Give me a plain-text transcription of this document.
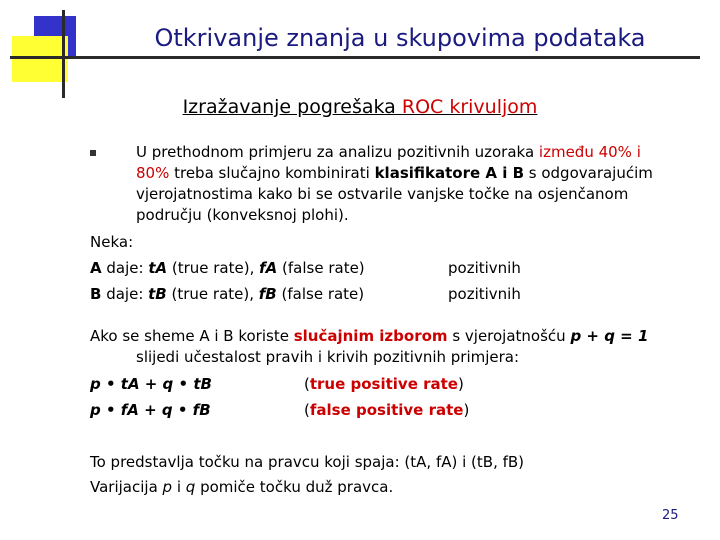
Otkrivanje znanja u skupovima podataka
Izražavanje pogrešaka ROC krivuljom
U prethodnom primjeru za analizu pozitivnih uzoraka između 40% i
80% treba slučajno kombinirati klasifikatore A i B s odgovarajućim
vjerojatnostima kako bi se ostvarile vanjske točke na osjenčanom
području (konveksnoj plohi).
Neka:
A daje: tA (true rate), fA (false rate)	pozitivnih
B daje: tB (true rate), fB (false rate)	pozitivnih
Ako se sheme A i B koriste slučajnim izborom s vjerojatnošću p + q = 1
slijedi učestalost pravih i krivih pozitivnih primjera:
p • tA + q • tB	(true positive rate)
p • fA + q • fB	(false positive rate)
To predstavlja točku na pravcu koji spaja: (tA, fA) i (tB, fB)
Varijacija p i q pomiče točku duž pravca.
25
